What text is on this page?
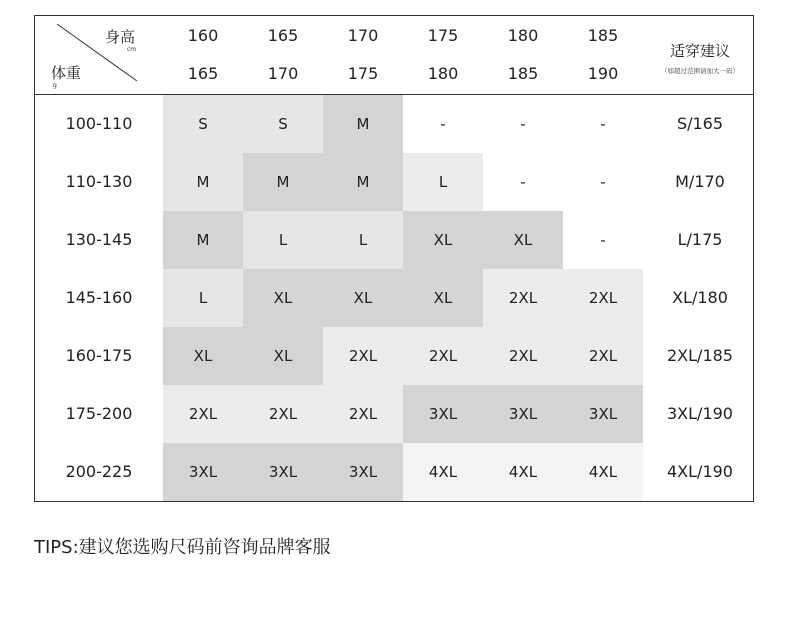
身高
cm
体重
g
160	165	170	175	180	185
165	170	175	180	185	190
适穿建议
（如超过范围请加大一码）
100-110	S	S	M	-	-	-	S/165
110-130	M	M	M	L	-	-	M/170
130-145	M	L	L	XL	XL	-	L/175
145-160	L	XL	XL	XL	2XL	2XL	XL/180
160-175	XL	XL	2XL	2XL	2XL	2XL	2XL/185
175-200	2XL	2XL	2XL	3XL	3XL	3XL	3XL/190
200-225	3XL	3XL	3XL	4XL	4XL	4XL	4XL/190
TIPS:建议您选购尺码前咨询品牌客服
